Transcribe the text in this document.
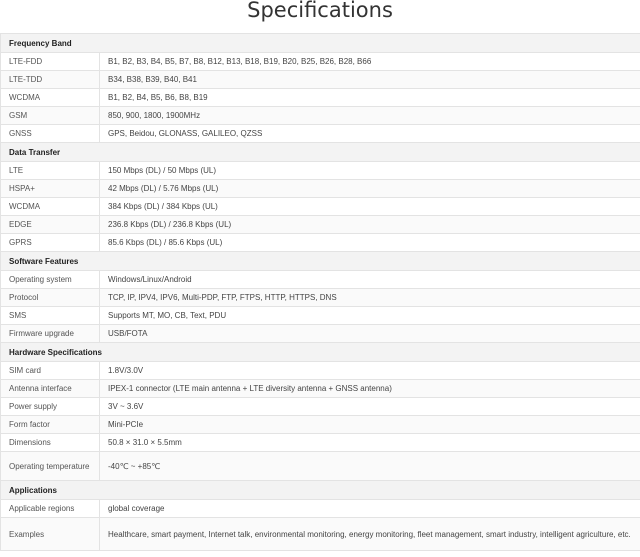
Specifications
Frequency Band	
LTE-FDD	B1, B2, B3, B4, B5, B7, B8, B12, B13, B18, B19, B20, B25, B26, B28, B66
LTE-TDD	B34, B38, B39, B40, B41
WCDMA	B1, B2, B4, B5, B6, B8, B19
GSM	850, 900, 1800, 1900MHz
GNSS	GPS, Beidou, GLONASS, GALILEO, QZSS
Data Transfer	
LTE	150 Mbps (DL) / 50 Mbps (UL)
HSPA+	42 Mbps (DL) / 5.76 Mbps (UL)
WCDMA	384 Kbps (DL) / 384 Kbps (UL)
EDGE	236.8 Kbps (DL) / 236.8 Kbps (UL)
GPRS	85.6 Kbps (DL) / 85.6 Kbps (UL)
Software Features	
Operating system	Windows/Linux/Android
Protocol	TCP, IP, IPV4, IPV6, Multi-PDP, FTP, FTPS, HTTP, HTTPS, DNS
SMS	Supports MT, MO, CB, Text, PDU
Firmware upgrade	USB/FOTA
Hardware Specifications	
SIM card	1.8V/3.0V
Antenna interface	IPEX-1 connector (LTE main antenna + LTE diversity antenna + GNSS antenna)
Power supply	3V ~ 3.6V
Form factor	Mini-PCIe
Dimensions	50.8 × 31.0 × 5.5mm
Operating temperature	-40℃ ~ +85℃
Applications	
Applicable regions	global coverage
Examples	Healthcare, smart payment, Internet talk, environmental monitoring, energy monitoring, fleet management, smart industry, intelligent agriculture, etc.
